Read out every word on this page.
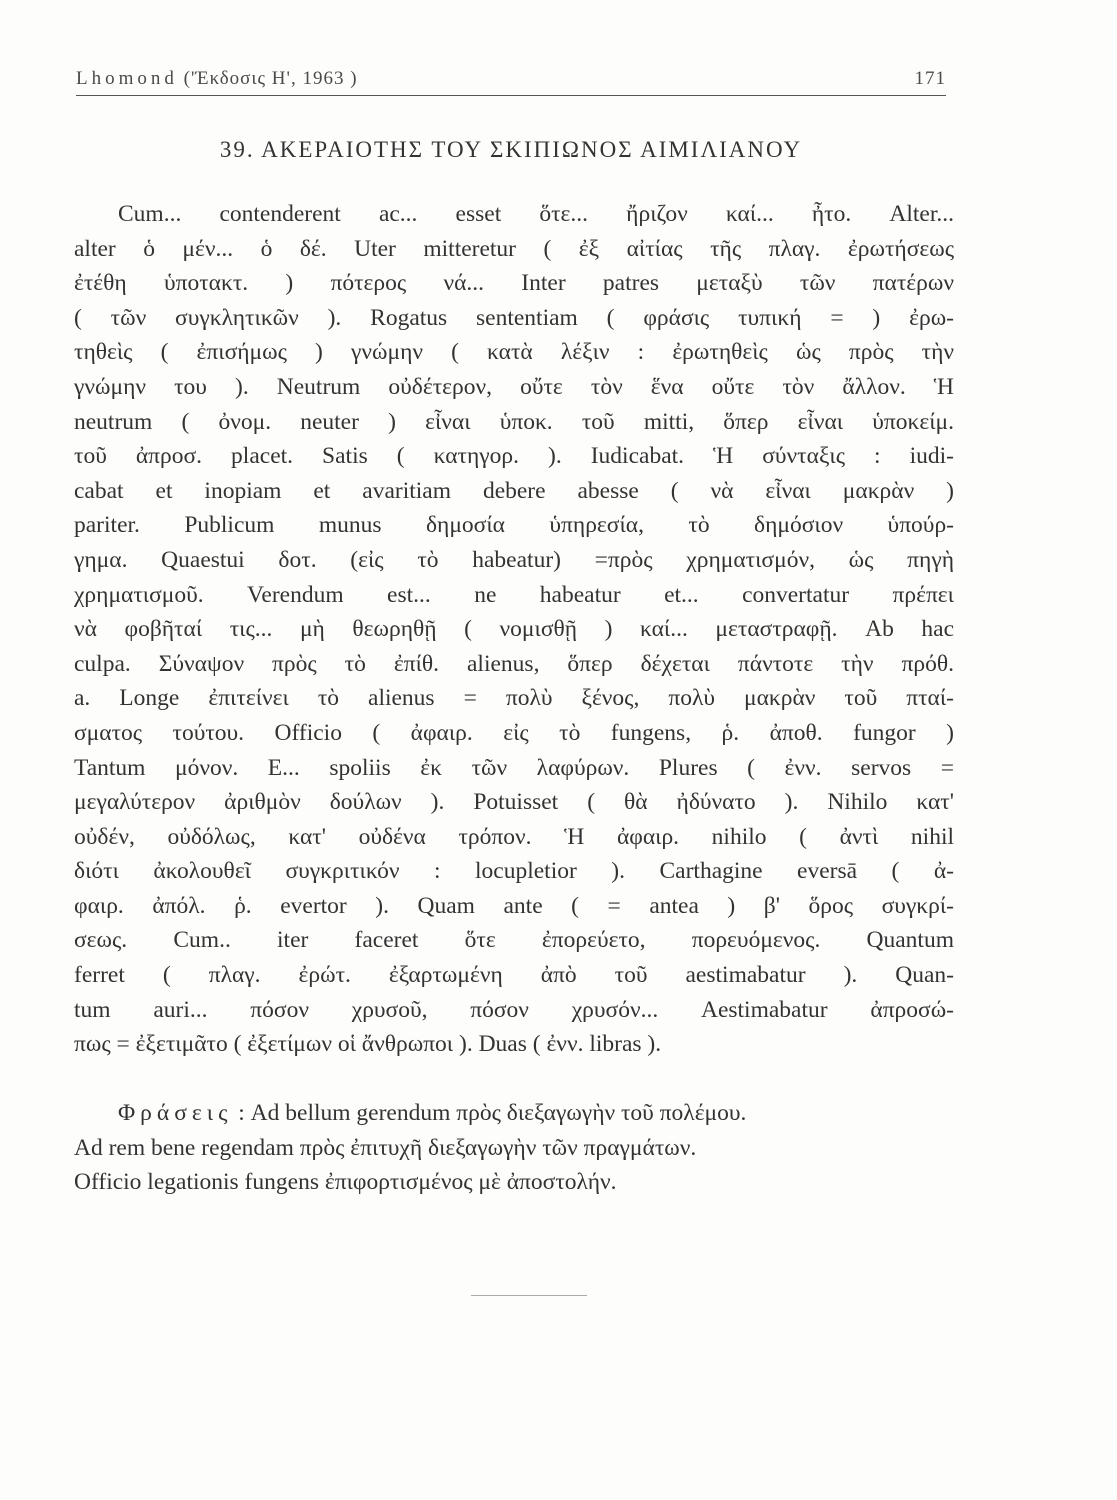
Lhomond ('Έκδοσις Η', 1963 )	171
39. ΑΚΕΡΑΙΟΤΗΣ ΤΟΥ ΣΚΙΠΙΩΝΟΣ ΑΙΜΙΛΙΑΝΟΥ
Cum... contenderent ac... esset ὅτε... ἤριζον καί... ἦτο. Alter...
alter ὁ μέν... ὁ δέ. Uter mitteretur ( ἐξ αἰτίας τῆς πλαγ. ἐρωτήσεως
ἐτέθη ὑποτακτ. ) πότερος νά... Inter patres μεταξὺ τῶν πατέρων
( τῶν συγκλητικῶν ). Rogatus sententiam ( φράσις τυπική = ) ἐρω-
τηθεὶς ( ἐπισήμως ) γνώμην ( κατὰ λέξιν : ἐρωτηθεὶς ὡς πρὸς τὴν
γνώμην του ). Neutrum οὐδέτερον, οὔτε τὸν ἕνα οὔτε τὸν ἄλλον. Ἡ
neutrum ( ὀνομ. neuter ) εἶναι ὑποκ. τοῦ mitti, ὅπερ εἶναι ὑποκείμ.
τοῦ ἀπροσ. placet. Satis ( κατηγορ. ). Iudicabat. Ἡ σύνταξις : iudi-
cabat et inopiam et avaritiam debere abesse ( νὰ εἶναι μακρὰν )
pariter. Publicum munus δημοσία ὑπηρεσία, τὸ δημόσιον ὑπούρ-
γημα. Quaestui δοτ. (εἰς τὸ habeatur) =πρὸς χρηματισμόν, ὡς πηγὴ
χρηματισμοῦ. Verendum est... ne habeatur et... convertatur πρέπει
νὰ φοβῆταί τις... μὴ θεωρηθῇ ( νομισθῇ ) καί... μεταστραφῇ. Ab hac
culpa. Σύναψον πρὸς τὸ ἐπίθ. alienus, ὅπερ δέχεται πάντοτε τὴν πρόθ.
a. Longe ἐπιτείνει τὸ alienus = πολὺ ξένος, πολὺ μακρὰν τοῦ πταί-
σματος τούτου. Officio ( ἀφαιρ. εἰς τὸ fungens, ῥ. ἀποθ. fungor )
Tantum μόνον. E... spoliis ἐκ τῶν λαφύρων. Plures ( ἐνν. servos =
μεγαλύτερον ἀριθμὸν δούλων ). Potuisset ( θὰ ἠδύνατο ). Nihilo κατ'
οὐδέν, οὐδόλως, κατ' οὐδένα τρόπον. Ἡ ἀφαιρ. nihilo ( ἀντὶ nihil
διότι ἀκολουθεῖ συγκριτικόν : locupletior ). Carthagine eversā ( ἀ-
φαιρ. ἀπόλ. ῥ. evertor ). Quam ante ( = antea ) β' ὅρος συγκρί-
σεως. Cum.. iter faceret ὅτε ἐπορεύετο, πορευόμενος. Quantum
ferret ( πλαγ. ἐρώτ. ἐξαρτωμένη ἀπὸ τοῦ aestimabatur ). Quan-
tum auri... πόσον χρυσοῦ, πόσον χρυσόν... Aestimabatur ἀπροσώ-
πως = ἐξετιμᾶτο ( ἐξετίμων οἱ ἄνθρωποι ). Duas ( ἐνν. libras ).
Φράσεις : Ad bellum gerendum πρὸς διεξαγωγὴν τοῦ πολέμου.
Ad rem bene regendam πρὸς ἐπιτυχῆ διεξαγωγὴν τῶν πραγμάτων.
Officio legationis fungens ἐπιφορτισμένος μὲ ἀποστολήν.
